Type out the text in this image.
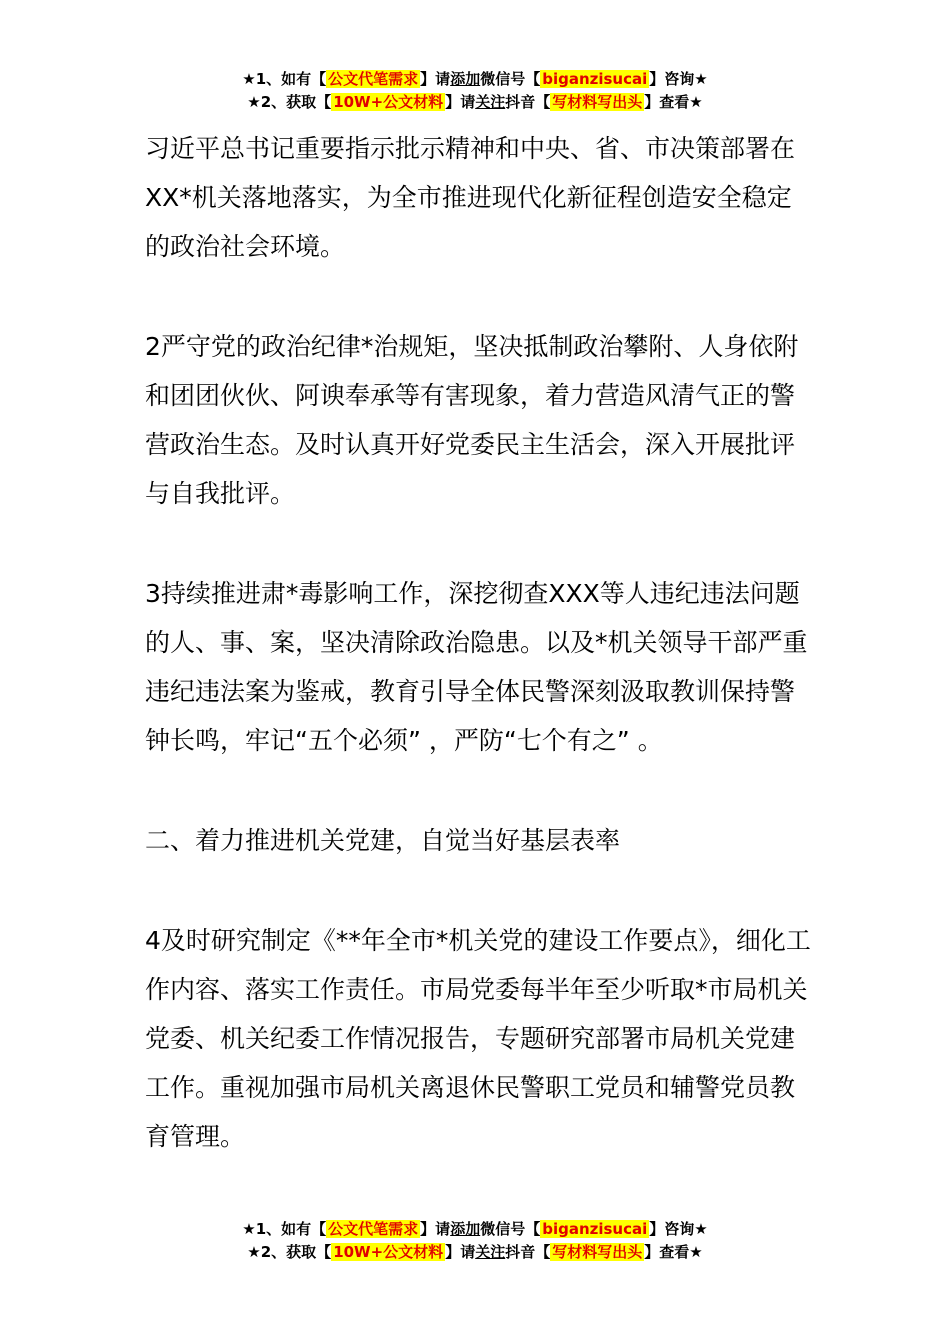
★1、如有【 公文代笔需求 】请添加微信号【 biganzisucai 】咨询★
★2、获取【 10W+公文材料 】请关注抖音【 写材料写出头 】查看★

习近平总书记重要指示批示精神和中央、省、市决策部署在XX*机关落地落实，为全市推进现代化新征程创造安全稳定的政治社会环境。

2严守党的政治纪律*治规矩，坚决抵制政治攀附、人身依附和团团伙伙、阿谀奉承等有害现象，着力营造风清气正的警营政治生态。及时认真开好党委民主生活会，深入开展批评与自我批评。

3持续推进肃*毒影响工作，深挖彻查XXX等人违纪违法问题的人、事、案，坚决清除政治隐患。以及*机关领导干部严重违纪违法案为鉴戒，教育引导全体民警深刻汲取教训保持警钟长鸣，牢记“五个必须” ，严防“七个有之” 。

二、着力推进机关党建，自觉当好基层表率

4及时研究制定《**年全市*机关党的建设工作要点》，细化工作内容、落实工作责任。市局党委每半年至少听取*市局机关党委、机关纪委工作情况报告，专题研究部署市局机关党建工作。重视加强市局机关离退休民警职工党员和辅警党员教育管理。

★1、如有【 公文代笔需求 】请添加微信号【 biganzisucai 】咨询★
★2、获取【 10W+公文材料 】请关注抖音【 写材料写出头 】查看★
